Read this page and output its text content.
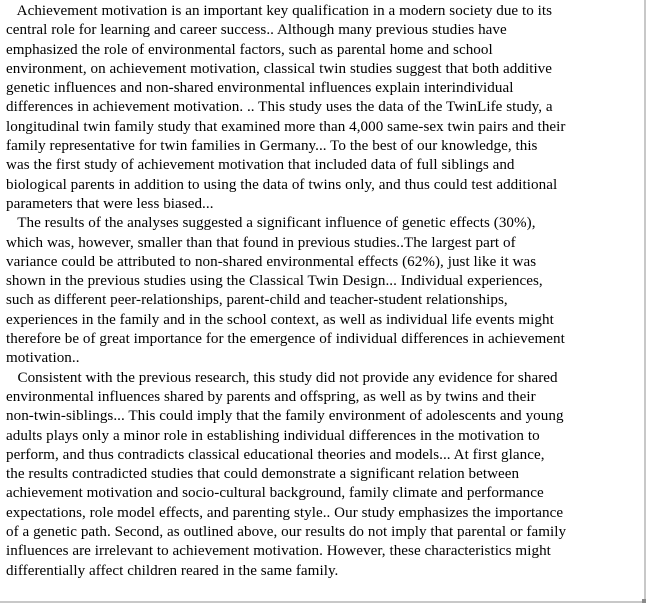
Achievement motivation is an important key qualification in a modern society due to its
central role for learning and career success.. Although many previous studies have
emphasized the role of environmental factors, such as parental home and school
environment, on achievement motivation, classical twin studies suggest that both additive
genetic influences and non-shared environmental influences explain interindividual
differences in achievement motivation. .. This study uses the data of the TwinLife study, a
longitudinal twin family study that examined more than 4,000 same-sex twin pairs and their
family representative for twin families in Germany... To the best of our knowledge, this
was the first study of achievement motivation that included data of full siblings and
biological parents in addition to using the data of twins only, and thus could test additional
parameters that were less biased...
The results of the analyses suggested a significant influence of genetic effects (30%),
which was, however, smaller than that found in previous studies..The largest part of
variance could be attributed to non-shared environmental effects (62%), just like it was
shown in the previous studies using the Classical Twin Design... Individual experiences,
such as different peer-relationships, parent-child and teacher-student relationships,
experiences in the family and in the school context, as well as individual life events might
therefore be of great importance for the emergence of individual differences in achievement
motivation..
Consistent with the previous research, this study did not provide any evidence for shared
environmental influences shared by parents and offspring, as well as by twins and their
non-twin-siblings... This could imply that the family environment of adolescents and young
adults plays only a minor role in establishing individual differences in the motivation to
perform, and thus contradicts classical educational theories and models... At first glance,
the results contradicted studies that could demonstrate a significant relation between
achievement motivation and socio-cultural background, family climate and performance
expectations, role model effects, and parenting style.. Our study emphasizes the importance
of a genetic path. Second, as outlined above, our results do not imply that parental or family
influences are irrelevant to achievement motivation. However, these characteristics might
differentially affect children reared in the same family.
